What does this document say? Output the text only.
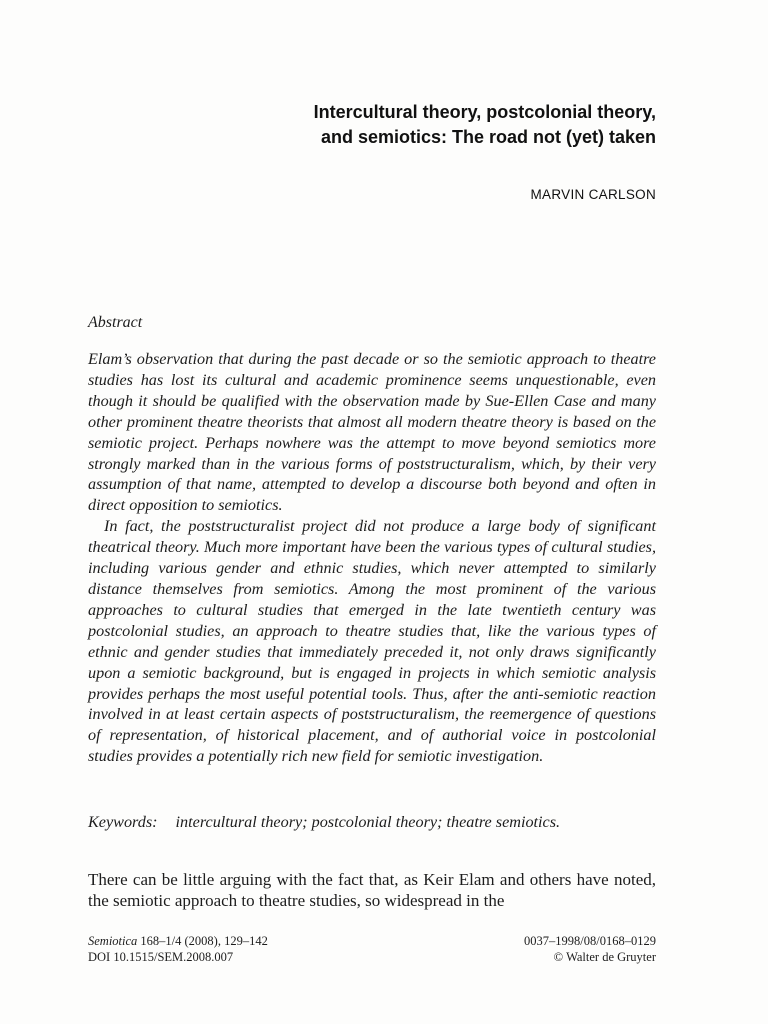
Intercultural theory, postcolonial theory,
and semiotics: The road not (yet) taken
MARVIN CARLSON
Abstract

Elam’s observation that during the past decade or so the semiotic approach to theatre studies has lost its cultural and academic prominence seems unquestionable, even though it should be qualified with the observation made by Sue-Ellen Case and many other prominent theatre theorists that almost all modern theatre theory is based on the semiotic project. Perhaps nowhere was the attempt to move beyond semiotics more strongly marked than in the various forms of poststructuralism, which, by their very assumption of that name, attempted to develop a discourse both beyond and often in direct opposition to semiotics.

In fact, the poststructuralist project did not produce a large body of significant theatrical theory. Much more important have been the various types of cultural studies, including various gender and ethnic studies, which never attempted to similarly distance themselves from semiotics. Among the most prominent of the various approaches to cultural studies that emerged in the late twentieth century was postcolonial studies, an approach to theatre studies that, like the various types of ethnic and gender studies that immediately preceded it, not only draws significantly upon a semiotic background, but is engaged in projects in which semiotic analysis provides perhaps the most useful potential tools. Thus, after the anti-semiotic reaction involved in at least certain aspects of poststructuralism, the reemergence of questions of representation, of historical placement, and of authorial voice in postcolonial studies provides a potentially rich new field for semiotic investigation.

Keywords: intercultural theory; postcolonial theory; theatre semiotics.

There can be little arguing with the fact that, as Keir Elam and others have noted, the semiotic approach to theatre studies, so widespread in the

Semiotica 168–1/4 (2008), 129–142	0037–1998/08/0168–0129
DOI 10.1515/SEM.2008.007	© Walter de Gruyter
